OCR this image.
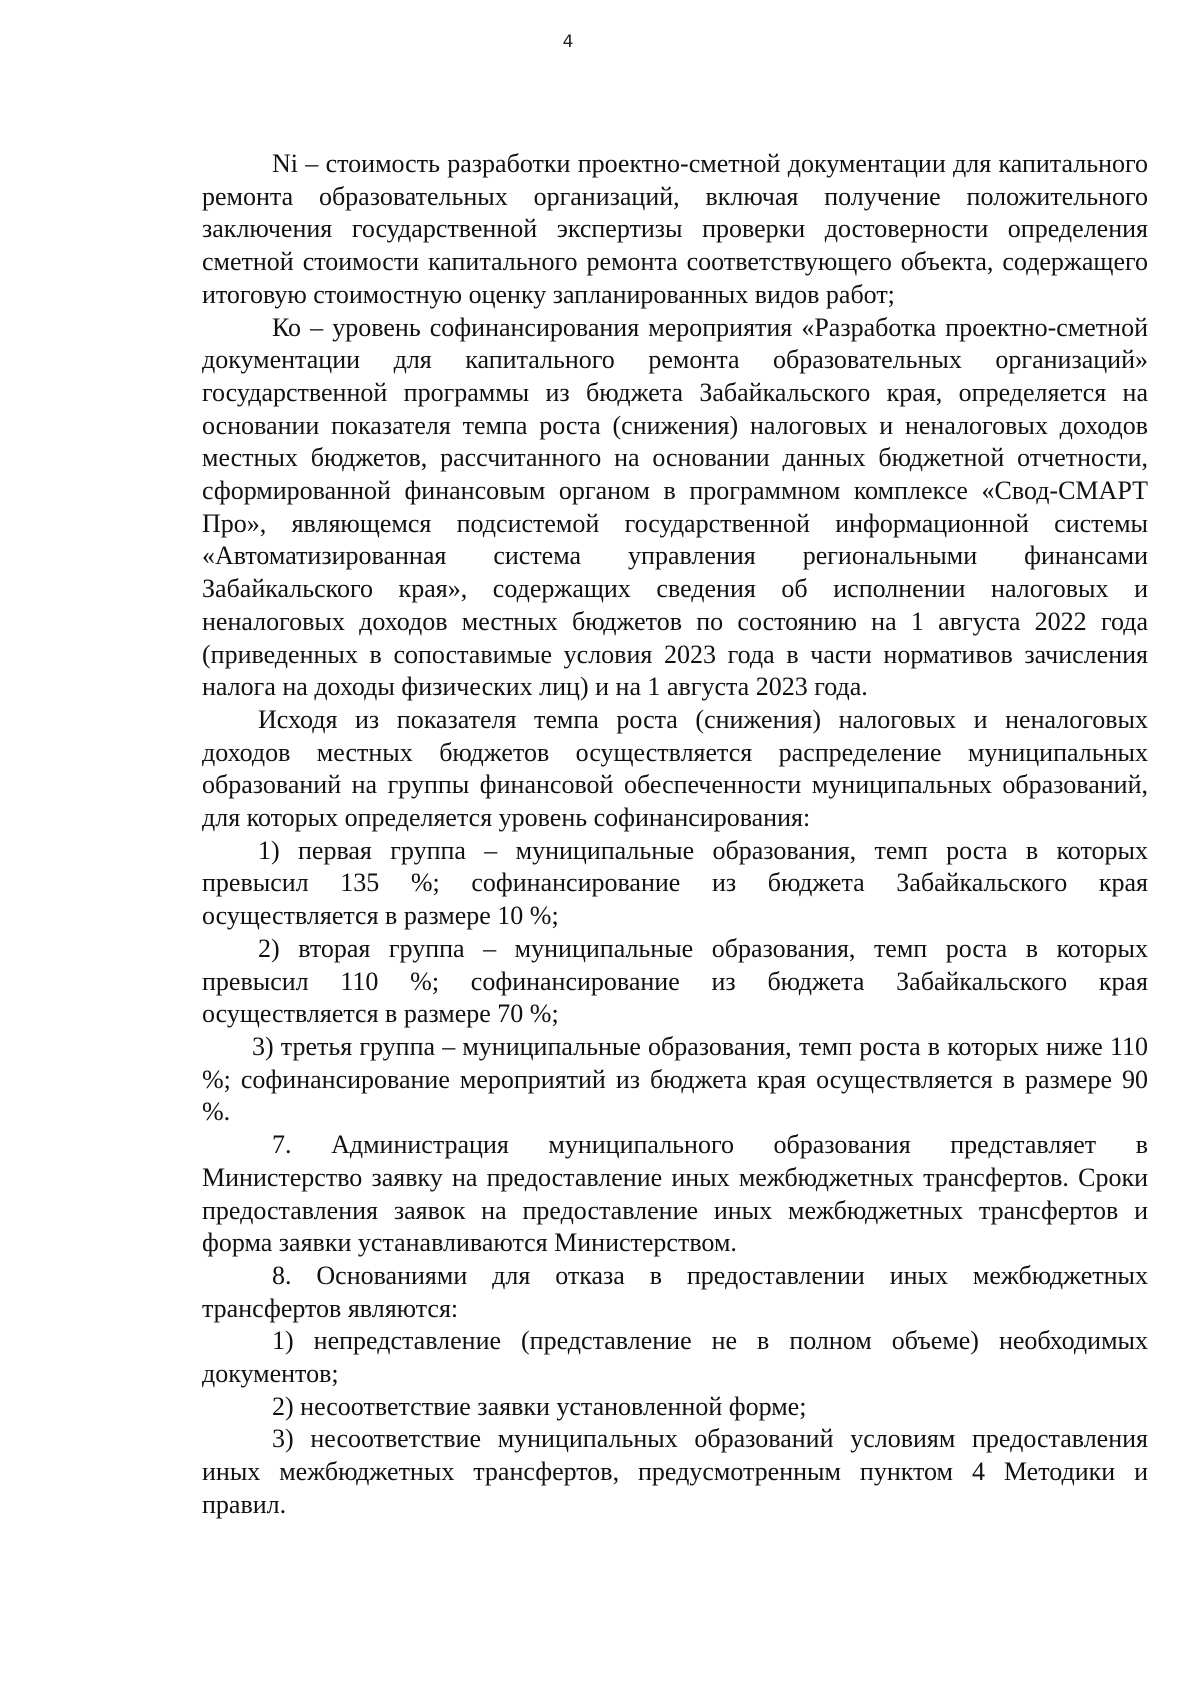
4

Ni – стоимость разработки проектно-сметной документации для капитального ремонта образовательных организаций, включая получение положительного заключения государственной экспертизы проверки достоверности определения сметной стоимости капитального ремонта соответствующего объекта, содержащего итоговую стоимостную оценку запланированных видов работ;

Ко – уровень софинансирования мероприятия «Разработка проектно-сметной документации для капитального ремонта образовательных организаций» государственной программы из бюджета Забайкальского края, определяется на основании показателя темпа роста (снижения) налоговых и неналоговых доходов местных бюджетов, рассчитанного на основании данных бюджетной отчетности, сформированной финансовым органом в программном комплексе «Свод-СМАРТ Про», являющемся подсистемой государственной информационной системы «Автоматизированная система управления региональными финансами Забайкальского края», содержащих сведения об исполнении налоговых и неналоговых доходов местных бюджетов по состоянию на 1 августа 2022 года (приведенных в сопоставимые условия 2023 года в части нормативов зачисления налога на доходы физических лиц) и на 1 августа 2023 года.

Исходя из показателя темпа роста (снижения) налоговых и неналоговых доходов местных бюджетов осуществляется распределение муниципальных образований на группы финансовой обеспеченности муниципальных образований, для которых определяется уровень софинансирования:

1) первая группа – муниципальные образования, темп роста в которых превысил 135 %; софинансирование из бюджета Забайкальского края осуществляется в размере 10 %;

2) вторая группа – муниципальные образования, темп роста в которых превысил 110 %; софинансирование из бюджета Забайкальского края осуществляется в размере 70 %;

3) третья группа – муниципальные образования, темп роста в которых ниже 110 %; софинансирование мероприятий из бюджета края осуществляется в размере 90 %.

7. Администрация муниципального образования представляет в Министерство заявку на предоставление иных межбюджетных трансфертов. Сроки предоставления заявок на предоставление иных межбюджетных трансфертов и форма заявки устанавливаются Министерством.

8. Основаниями для отказа в предоставлении иных межбюджетных трансфертов являются:

1) непредставление (представление не в полном объеме) необходимых документов;

2) несоответствие заявки установленной форме;

3) несоответствие муниципальных образований условиям предоставления иных межбюджетных трансфертов, предусмотренным пунктом 4 Методики и правил.
